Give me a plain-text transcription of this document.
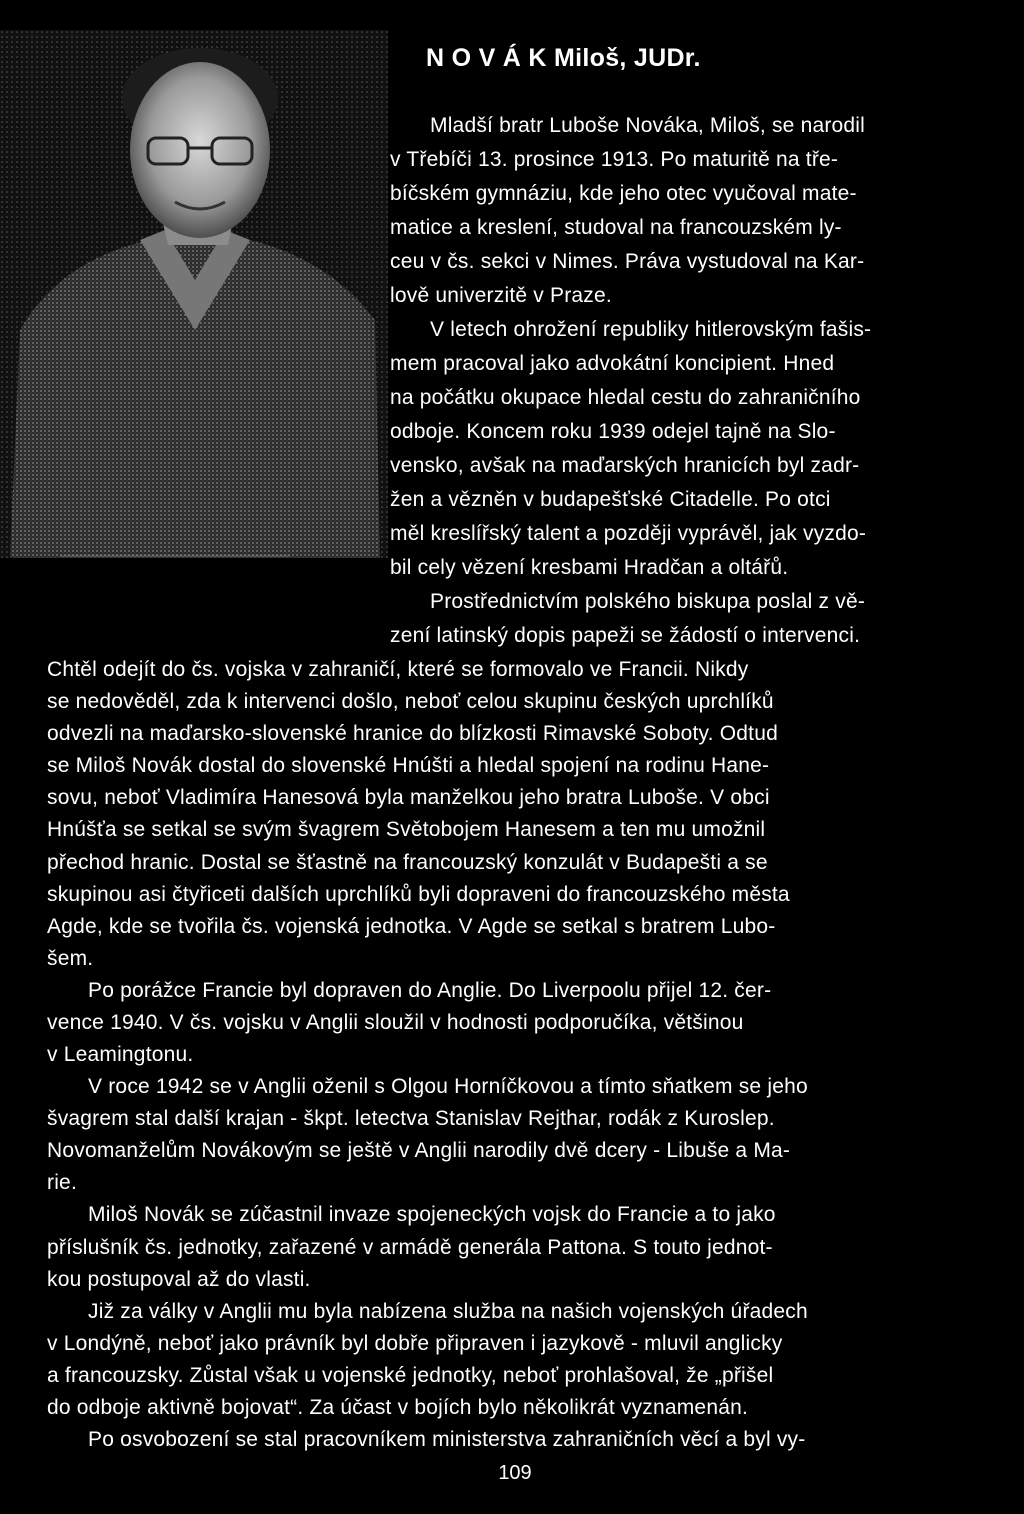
N O V Á K Miloš, JUDr.
Mladší bratr Luboše Nováka, Miloš, se narodil
v Třebíči 13. prosince 1913. Po maturitě na tře-
bíčském gymnáziu, kde jeho otec vyučoval mate-
matice a kreslení, studoval na francouzském ly-
ceu v čs. sekci v Nimes. Práva vystudoval na Kar-
lově univerzitě v Praze.
V letech ohrožení republiky hitlerovským fašis-
mem pracoval jako advokátní koncipient. Hned
na počátku okupace hledal cestu do zahraničního
odboje. Koncem roku 1939 odejel tajně na Slo-
vensko, avšak na maďarských hranicích byl zadr-
žen a vězněn v budapešťské Citadelle. Po otci
měl kreslířský talent a později vyprávěl, jak vyzdo-
bil cely vězení kresbami Hradčan a oltářů.
Prostřednictvím polského biskupa poslal z vě-
zení latinský dopis papeži se žádostí o intervenci.
Chtěl odejít do čs. vojska v zahraničí, které se formovalo ve Francii. Nikdy
se nedověděl, zda k intervenci došlo, neboť celou skupinu českých uprchlíků
odvezli na maďarsko-slovenské hranice do blízkosti Rimavské Soboty. Odtud
se Miloš Novák dostal do slovenské Hnúšti a hledal spojení na rodinu Hane-
sovu, neboť Vladimíra Hanesová byla manželkou jeho bratra Luboše. V obci
Hnúšťa se setkal se svým švagrem Světobojem Hanesem a ten mu umožnil
přechod hranic. Dostal se šťastně na francouzský konzulát v Budapešti a se
skupinou asi čtyřiceti dalších uprchlíků byli dopraveni do francouzského města
Agde, kde se tvořila čs. vojenská jednotka. V Agde se setkal s bratrem Lubo-
šem.
Po porážce Francie byl dopraven do Anglie. Do Liverpoolu přijel 12. čer-
vence 1940. V čs. vojsku v Anglii sloužil v hodnosti podporučíka, většinou
v Leamingtonu.
V roce 1942 se v Anglii oženil s Olgou Horníčkovou a tímto sňatkem se jeho
švagrem stal další krajan - škpt. letectva Stanislav Rejthar, rodák z Kuroslep.
Novomanželům Novákovým se ještě v Anglii narodily dvě dcery - Libuše a Ma-
rie.
Miloš Novák se zúčastnil invaze spojeneckých vojsk do Francie a to jako
příslušník čs. jednotky, zařazené v armádě generála Pattona. S touto jednot-
kou postupoval až do vlasti.
Již za války v Anglii mu byla nabízena služba na našich vojenských úřadech
v Londýně, neboť jako právník byl dobře připraven i jazykově - mluvil anglicky
a francouzsky. Zůstal však u vojenské jednotky, neboť prohlašoval, že „přišel
do odboje aktivně bojovat“. Za účast v bojích bylo několikrát vyznamenán.
Po osvobození se stal pracovníkem ministerstva zahraničních věcí a byl vy-
109
